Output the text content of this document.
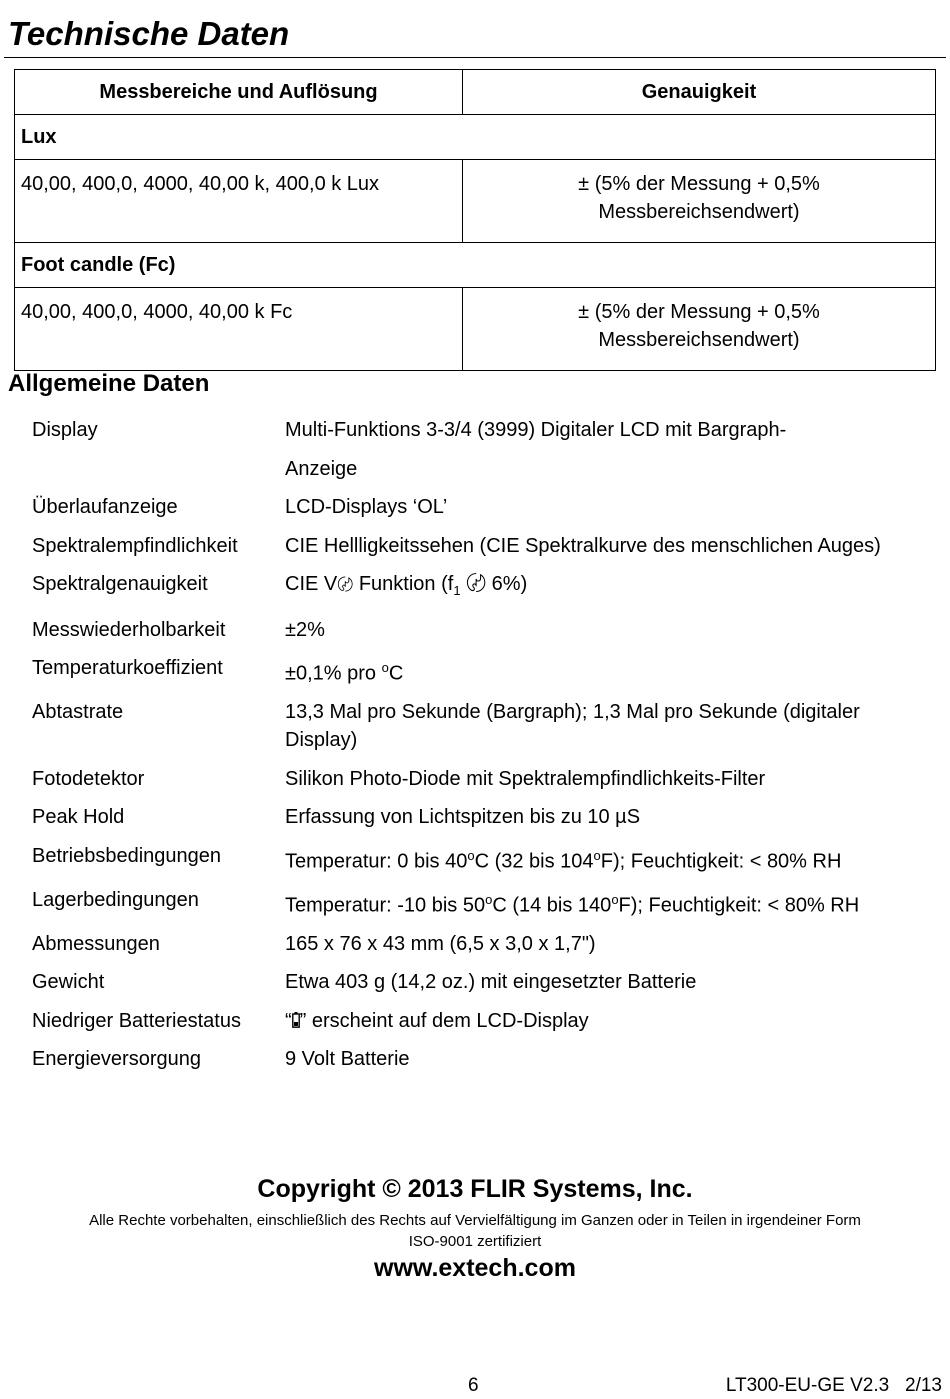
Technische Daten
Messbereiche und Auflösung	Genauigkeit
Lux	
40,00, 400,0, 4000, 40,00 k, 400,0 k Lux	± (5% der Messung + 0,5%
Messbereichsendwert)

Foot candle (Fc)	
40,00, 400,0, 4000, 40,00 k Fc	± (5% der Messung + 0,5%
Messbereichsendwert)
Allgemeine Daten
Display	Multi-Funktions 3-3/4 (3999) Digitaler LCD mit Bargraph-
Anzeige
Überlaufanzeige	LCD-Displays ‘OL’
Spektralempfindlichkeit	CIE Hellligkeitssehen (CIE Spektralkurve des menschlichen Auges)
Spektralgenauigkeit	CIE V〄 Funktion ($f_1$ 〄 6%)
Messwiederholbarkeit	±2%
Temperaturkoeffizient	±0,1% pro $^o$C
Abtastrate	13,3 Mal pro Sekunde (Bargraph); 1,3 Mal pro Sekunde (digitaler
Display)
Fotodetektor	Silikon Photo-Diode mit Spektralempfindlichkeits-Filter
Peak Hold	Erfassung von Lichtspitzen bis zu 10 µS
Betriebsbedingungen	Temperatur: 0 bis 40$^o$C (32 bis 104$^o$F); Feuchtigkeit: < 80% RH
Lagerbedingungen	Temperatur: -10 bis 50$^o$C (14 bis 140$^o$F); Feuchtigkeit: < 80% RH
Abmessungen	165 x 76 x 43 mm (6,5 x 3,0 x 1,7")
Gewicht	Etwa 403 g (14,2 oz.) mit eingesetzter Batterie
Niedriger Batteriestatus	“ ” erscheint auf dem LCD-Display
Energieversorgung	9 Volt Batterie
Copyright © 2013 FLIR Systems, Inc.
Alle Rechte vorbehalten, einschließlich des Rechts auf Vervielfältigung im Ganzen oder in Teilen in irgendeiner Form
ISO-9001 zertifiziert
www.extech.com
6	LT300-EU-GE V2.3   2/13
